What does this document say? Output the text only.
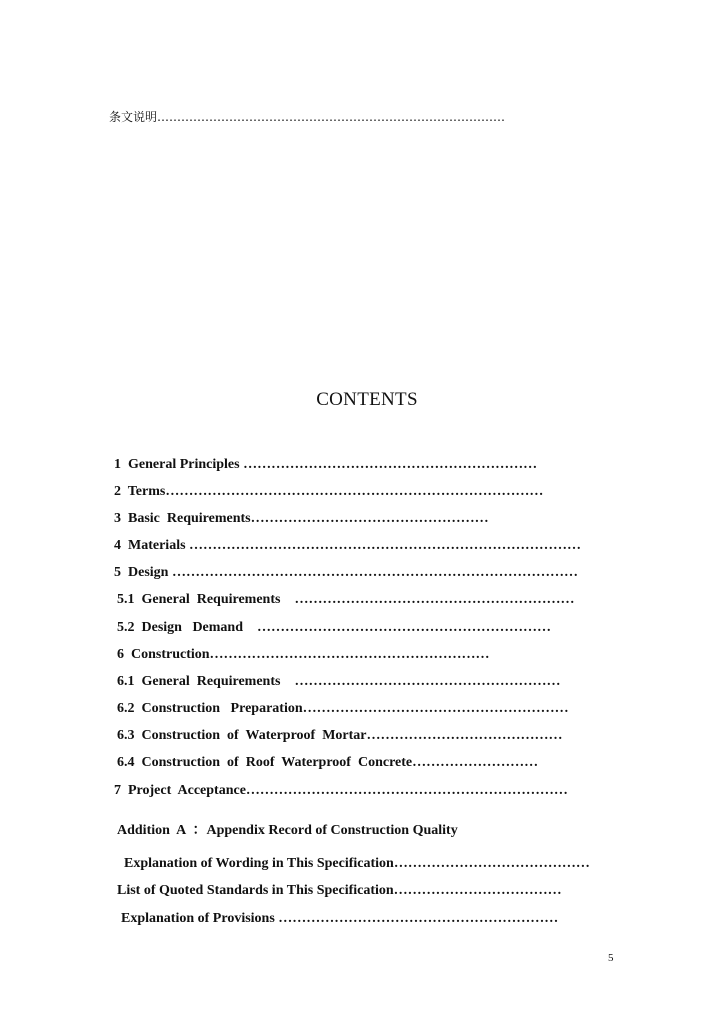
条文说明……………………………………………………………………………
CONTENTS
1  General Principles ………………………………………………………
2  Terms………………………………………………………………………
3  Basic  Requirements……………………………………………
4  Materials …………………………………………………………………………
5  Design ……………………………………………………………………………
5.1  General  Requirements    ……………………………………………………
5.2  Design   Demand    ………………………………………………………
6  Construction……………………………………………………
6.1  General  Requirements    …………………………………………………
6.2  Construction   Preparation…………………………………………………
6.3  Construction  of  Waterproof  Mortar……………………………………
6.4  Construction  of  Roof  Waterproof  Concrete………………………
7  Project  Acceptance……………………………………………………………
Addition  A  ：Appendix Record of Construction Quality
Explanation of Wording in This Specification……………………………………
List of Quoted Standards in This Specification………………………………
Explanation of Provisions ……………………………………………………
5
